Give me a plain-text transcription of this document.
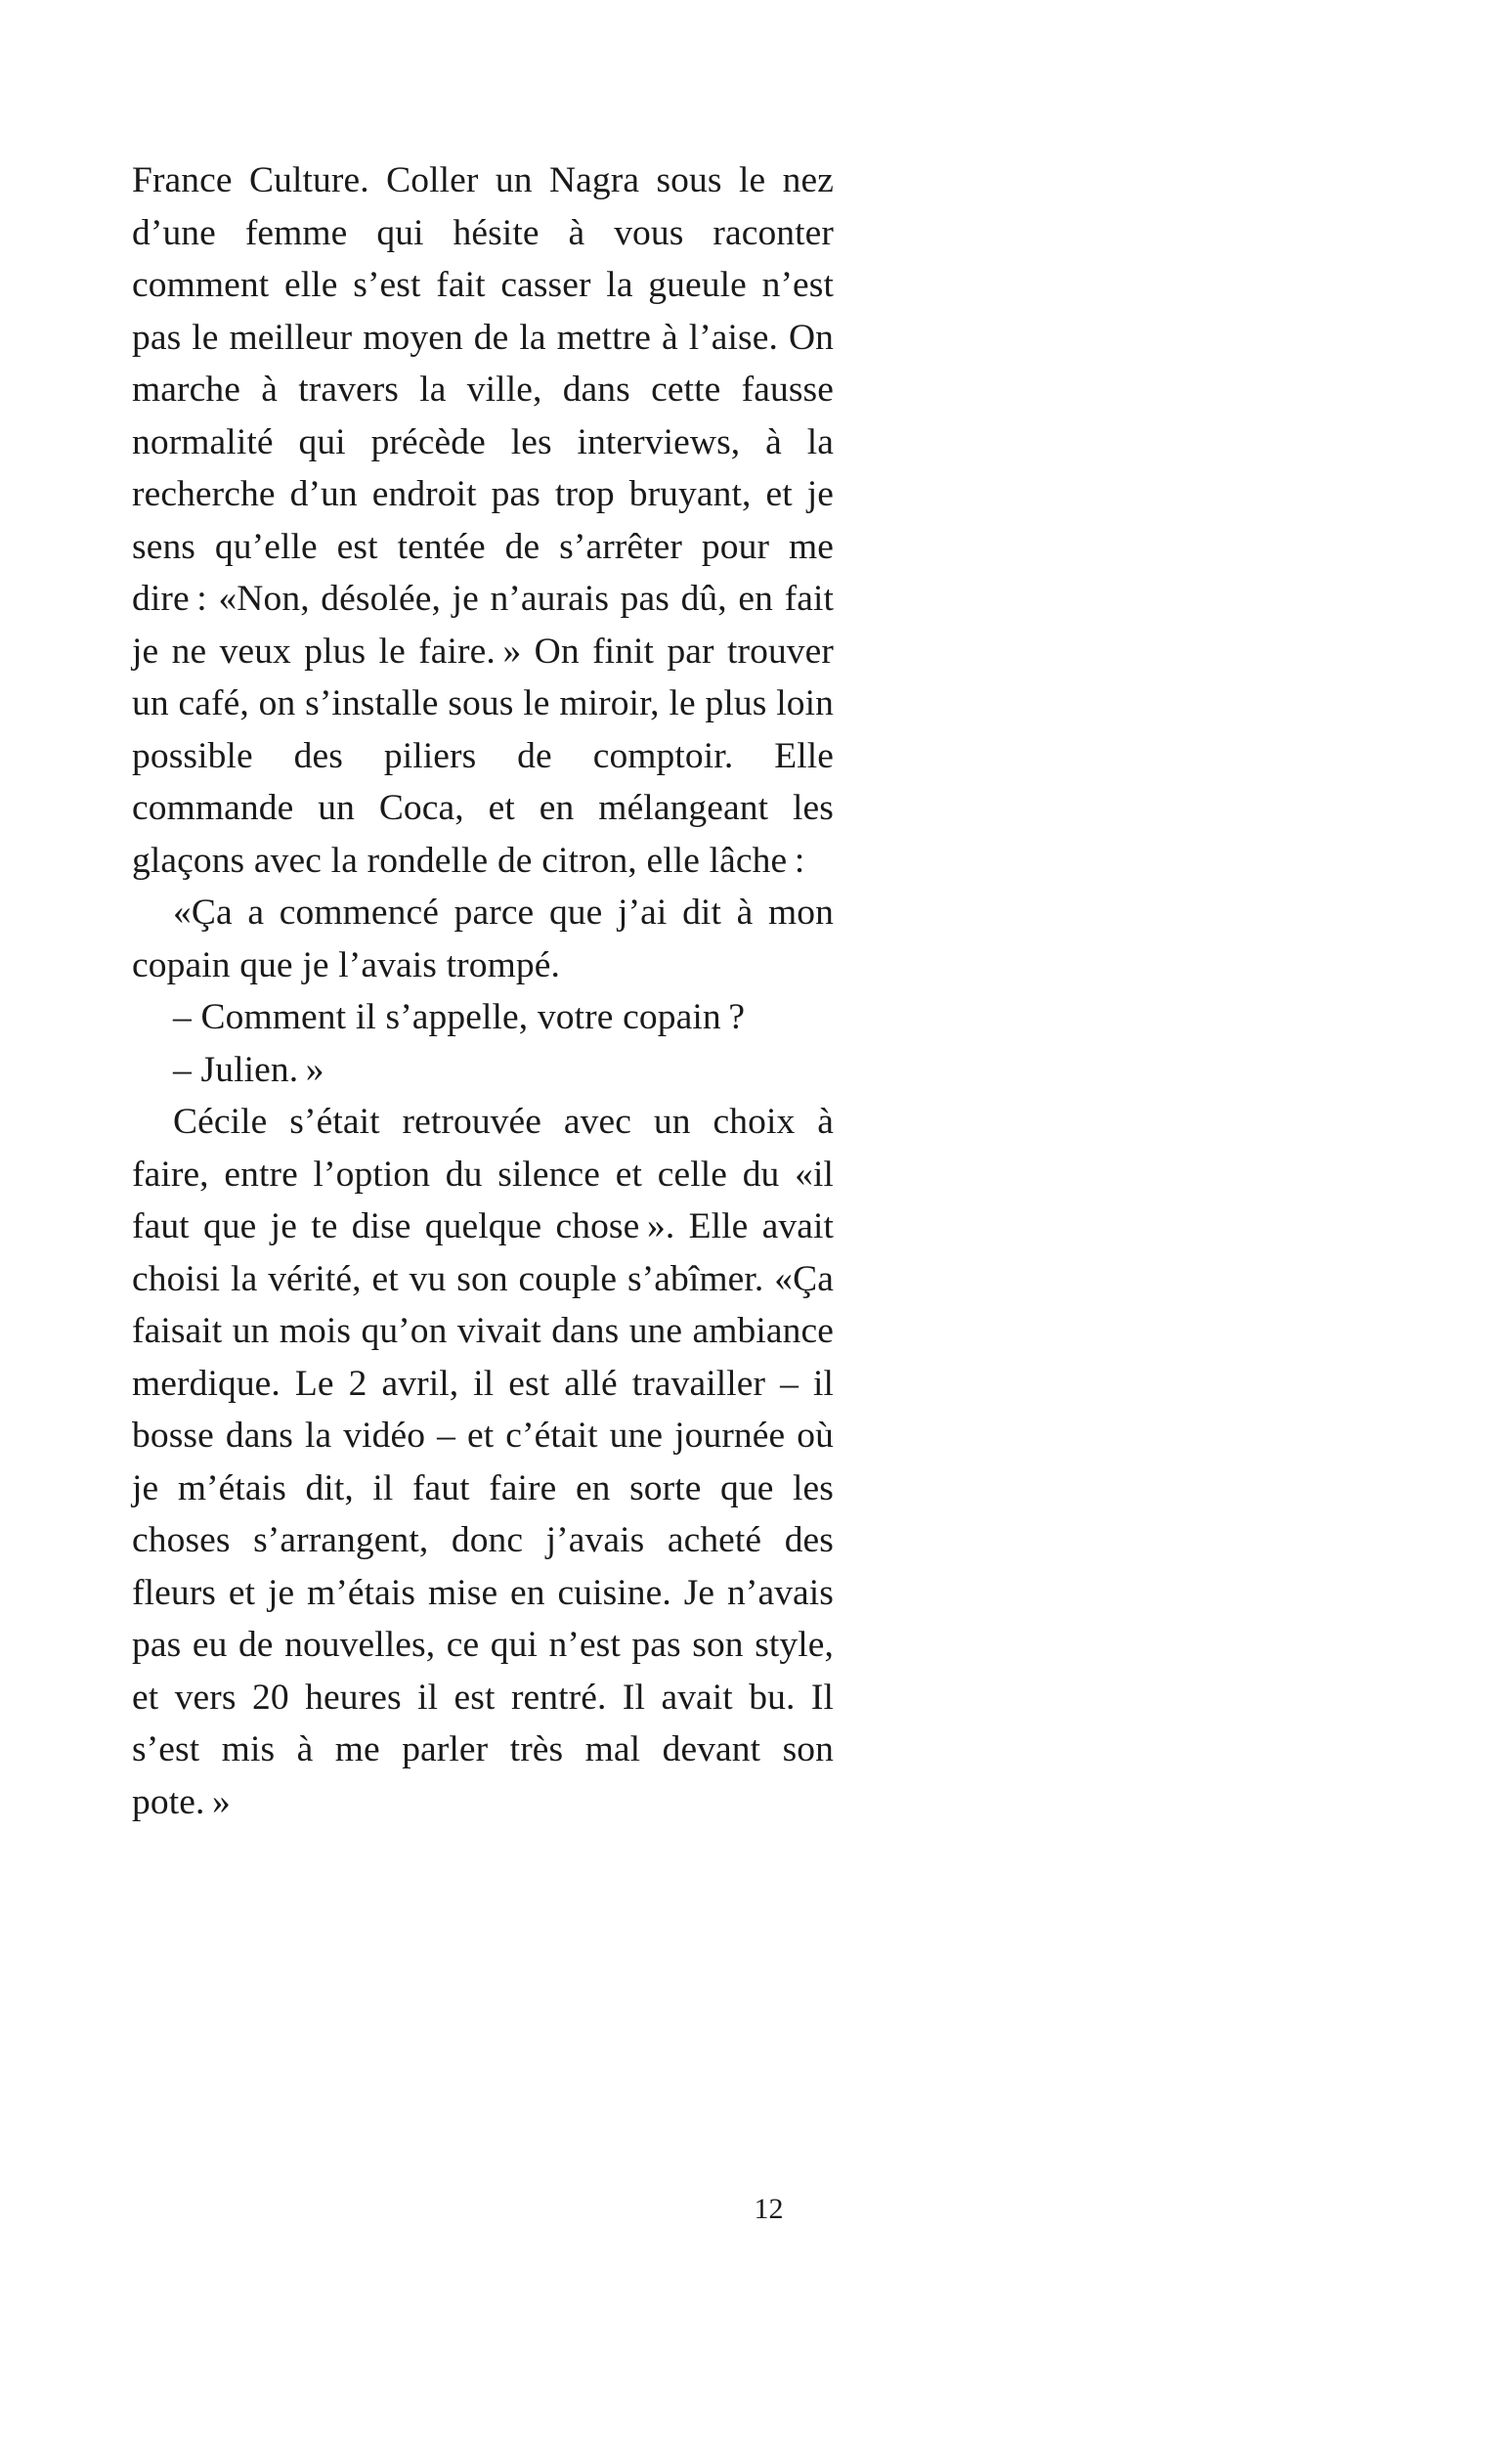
France Culture. Coller un Nagra sous le nez d’une femme qui hésite à vous raconter comment elle s’est fait casser la gueule n’est pas le meilleur moyen de la mettre à l’aise. On marche à travers la ville, dans cette fausse normalité qui précède les interviews, à la recherche d’un endroit pas trop bruyant, et je sens qu’elle est tentée de s’arrêter pour me dire : «Non, désolée, je n’aurais pas dû, en fait je ne veux plus le faire. » On finit par trouver un café, on s’installe sous le miroir, le plus loin possible des piliers de comptoir. Elle commande un Coca, et en mélangeant les glaçons avec la rondelle de citron, elle lâche :

«Ça a commencé parce que j’ai dit à mon copain que je l’avais trompé.

– Comment il s’appelle, votre copain ?

– Julien. »

Cécile s’était retrouvée avec un choix à faire, entre l’option du silence et celle du «il faut que je te dise quelque chose ». Elle avait choisi la vérité, et vu son couple s’abîmer. «Ça faisait un mois qu’on vivait dans une ambiance merdique. Le 2 avril, il est allé travailler – il bosse dans la vidéo – et c’était une journée où je m’étais dit, il faut faire en sorte que les choses s’arrangent, donc j’avais acheté des fleurs et je m’étais mise en cuisine. Je n’avais pas eu de nouvelles, ce qui n’est pas son style, et vers 20 heures il est rentré. Il avait bu. Il s’est mis à me parler très mal devant son pote. »

12
